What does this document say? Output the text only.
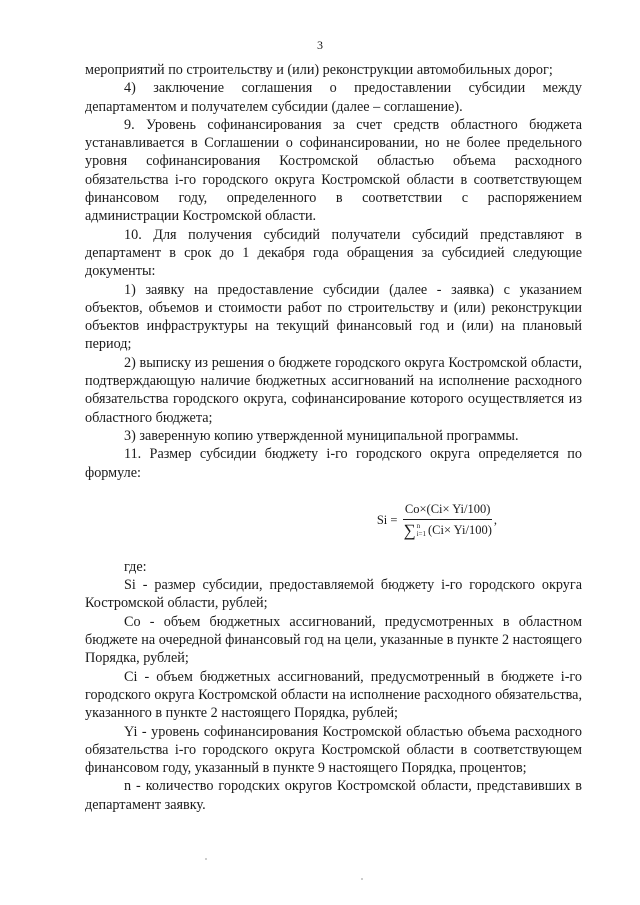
3

мероприятий по строительству и (или) реконструкции автомобильных дорог;

4) заключение соглашения о предоставлении субсидии между департаментом и получателем субсидии (далее – соглашение).

9. Уровень софинансирования за счет средств областного бюджета устанавливается в Соглашении о софинансировании, но не более предельного уровня софинансирования Костромской областью объема расходного обязательства i-го городского округа Костромской области в соответствующем финансовом году, определенного в соответствии с распоряжением администрации Костромской области.

10. Для получения субсидий получатели субсидий представляют в департамент в срок до 1 декабря года обращения за субсидией следующие документы:

1) заявку на предоставление субсидии (далее - заявка) с указанием объектов, объемов и стоимости работ по строительству и (или) реконструкции объектов инфраструктуры на текущий финансовый год и (или) на плановый период;

2) выписку из решения о бюджете городского округа Костромской области, подтверждающую наличие бюджетных ассигнований на исполнение расходного обязательства городского округа, софинансирование которого осуществляется из областного бюджета;

3) заверенную копию утвержденной муниципальной программы.

11. Размер субсидии бюджету i-го городского округа определяется по формуле:

Si =
Co×(Ci× Yi/100)
∑ n
i=1 (Ci× Yi/100)
,

где:

Si - размер субсидии, предоставляемой бюджету i-го городского округа Костромской области, рублей;

Co - объем бюджетных ассигнований, предусмотренных в областном бюджете на очередной финансовый год на цели, указанные в пункте 2 настоящего Порядка, рублей;

Ci - объем бюджетных ассигнований, предусмотренный в бюджете i-го городского округа Костромской области на исполнение расходного обязательства, указанного в пункте 2 настоящего Порядка, рублей;

Yi - уровень софинансирования Костромской областью объема расходного обязательства i-го городского округа Костромской области в соответствующем финансовом году, указанный в пункте 9 настоящего Порядка, процентов;

n - количество городских округов Костромской области, представивших в департамент заявку.
